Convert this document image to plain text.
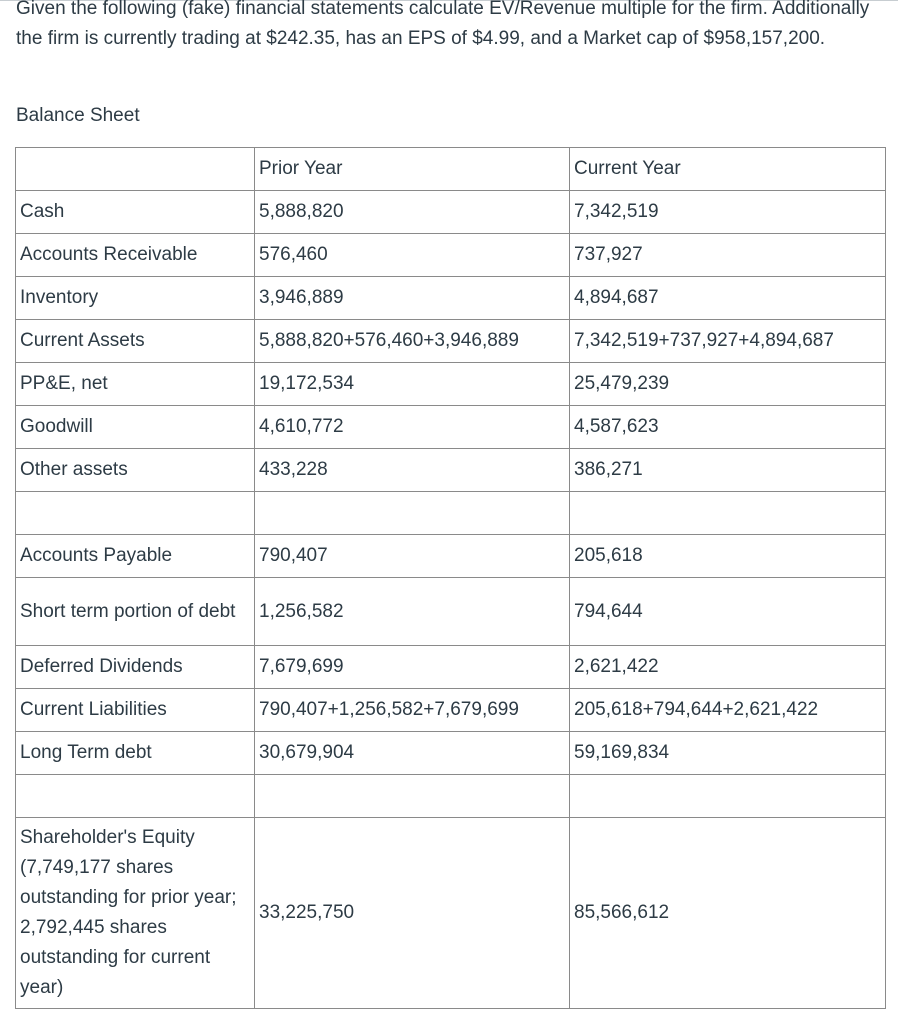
Given the following (fake) financial statements calculate EV/Revenue multiple for the firm. Additionally the firm is currently trading at $242.35, has an EPS of $4.99, and a Market cap of $958,157,200.

Balance Sheet

	Prior Year	Current Year
Cash	5,888,820	7,342,519
Accounts Receivable	576,460	737,927
Inventory	3,946,889	4,894,687
Current Assets	5,888,820+576,460+3,946,889	7,342,519+737,927+4,894,687
PP&E, net	19,172,534	25,479,239
Goodwill	4,610,772	4,587,623
Other assets	433,228	386,271

Accounts Payable	790,407	205,618
Short term portion of debt	1,256,582	794,644
Deferred Dividends	7,679,699	2,621,422
Current Liabilities	790,407+1,256,582+7,679,699	205,618+794,644+2,621,422
Long Term debt	30,679,904	59,169,834

Shareholder's Equity (7,749,177 shares outstanding for prior year; 2,792,445 shares outstanding for current year)	33,225,750	85,566,612
